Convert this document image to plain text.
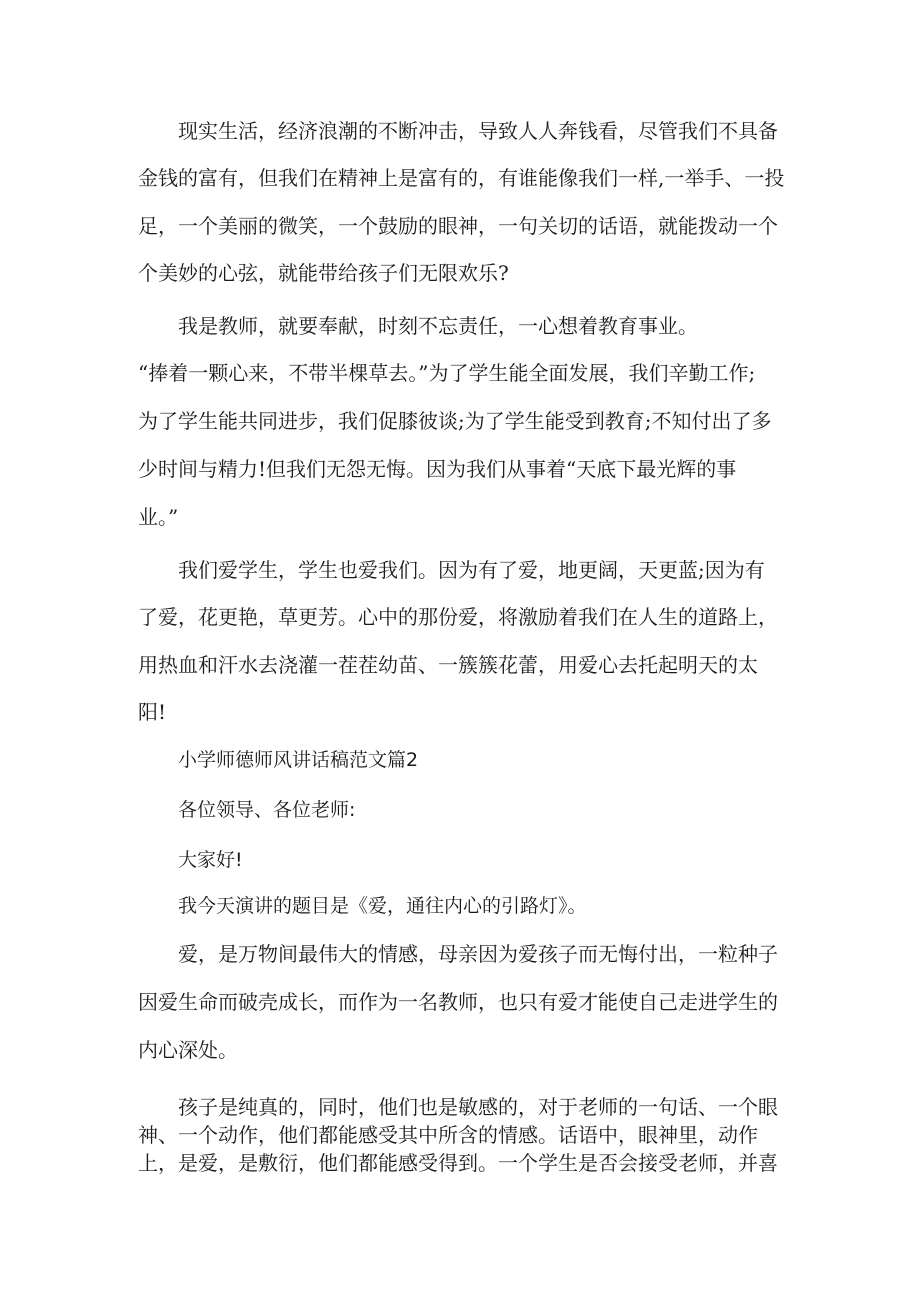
现实生活，经济浪潮的不断冲击，导致人人奔钱看，尽管我们不具备
金钱的富有，但我们在精神上是富有的，有谁能像我们一样,一举手、一投
足，一个美丽的微笑，一个鼓励的眼神，一句关切的话语，就能拨动一个
个美妙的心弦，就能带给孩子们无限欢乐?
我是教师，就要奉献，时刻不忘责任，一心想着教育事业。
“捧着一颗心来，不带半棵草去。”为了学生能全面发展，我们辛勤工作;
为了学生能共同进步，我们促膝彼谈;为了学生能受到教育;不知付出了多
少时间与精力!但我们无怨无悔。因为我们从事着“天底下最光辉的事
业。”
我们爱学生，学生也爱我们。因为有了爱，地更阔，天更蓝;因为有
了爱，花更艳，草更芳。心中的那份爱，将激励着我们在人生的道路上，
用热血和汗水去浇灌一茬茬幼苗、一簇簇花蕾，用爱心去托起明天的太
阳!
小学师德师风讲话稿范文篇2
各位领导、各位老师:
大家好!
我今天演讲的题目是《爱，通往内心的引路灯》。
爱，是万物间最伟大的情感，母亲因为爱孩子而无悔付出，一粒种子
因爱生命而破壳成长，而作为一名教师，也只有爱才能使自己走进学生的
内心深处。
孩子是纯真的，同时，他们也是敏感的，对于老师的一句话、一个眼
神、一个动作，他们都能感受其中所含的情感。话语中，眼神里，动作
上，是爱，是敷衍，他们都能感受得到。一个学生是否会接受老师，并喜
